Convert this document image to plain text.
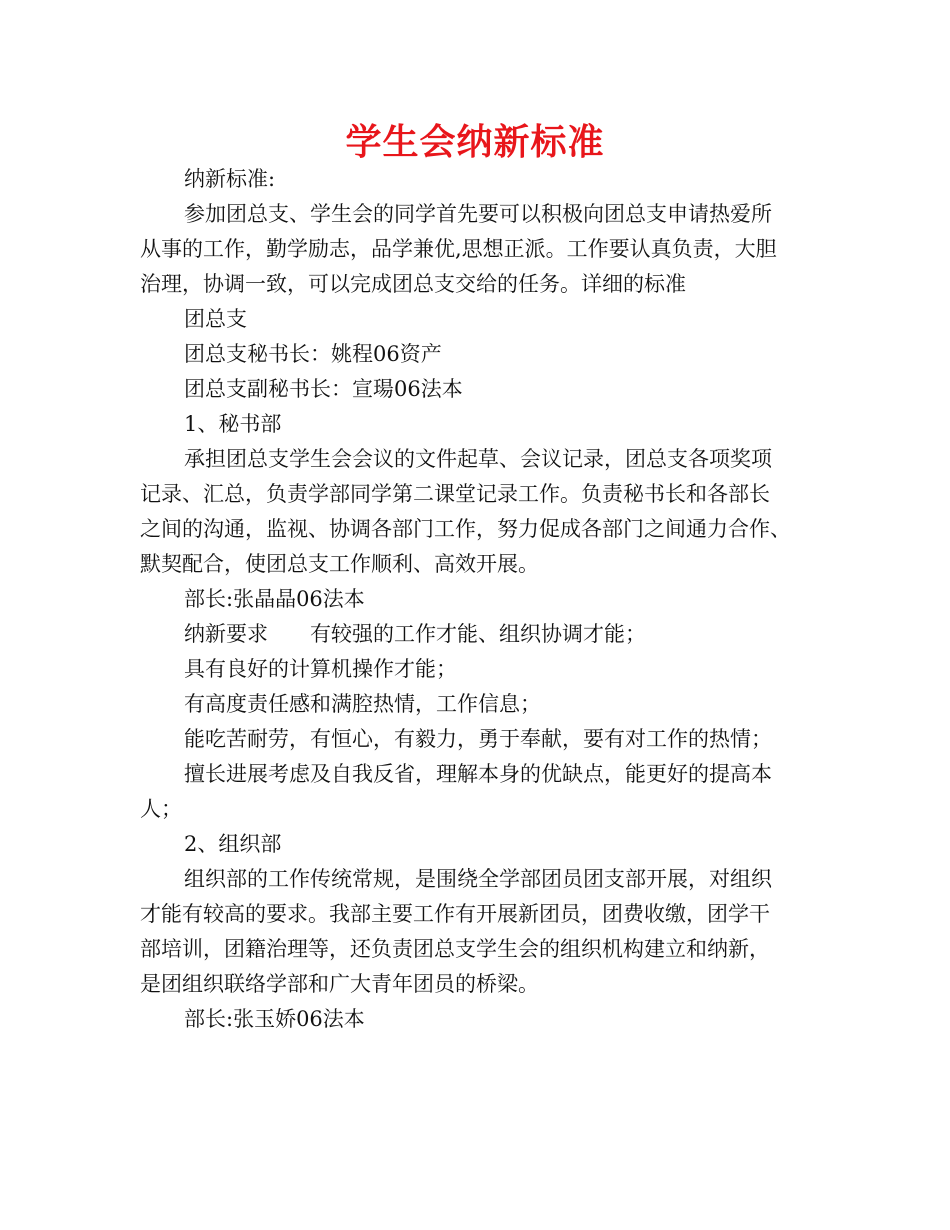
学生会纳新标准
纳新标准:
参加团总支、学生会的同学首先要可以积极向团总支申请热爱所
从事的工作，勤学励志，品学兼优,思想正派。工作要认真负责，大胆
治理，协调一致，可以完成团总支交给的任务。详细的标准
团总支
团总支秘书长：姚程06资产
团总支副秘书长：宣瑒06法本
1、秘书部
承担团总支学生会会议的文件起草、会议记录，团总支各项奖项
记录、汇总，负责学部同学第二课堂记录工作。负责秘书长和各部长
之间的沟通，监视、协调各部门工作，努力促成各部门之间通力合作、
默契配合，使团总支工作顺利、高效开展。
部长:张晶晶06法本
纳新要求 有较强的工作才能、组织协调才能；
具有良好的计算机操作才能；
有高度责任感和满腔热情，工作信息；
能吃苦耐劳，有恒心，有毅力，勇于奉献，要有对工作的热情；
擅长进展考虑及自我反省，理解本身的优缺点，能更好的提高本
人；
2、组织部
组织部的工作传统常规，是围绕全学部团员团支部开展，对组织
才能有较高的要求。我部主要工作有开展新团员，团费收缴，团学干
部培训，团籍治理等，还负责团总支学生会的组织机构建立和纳新，
是团组织联络学部和广大青年团员的桥梁。
部长:张玉娇06法本
